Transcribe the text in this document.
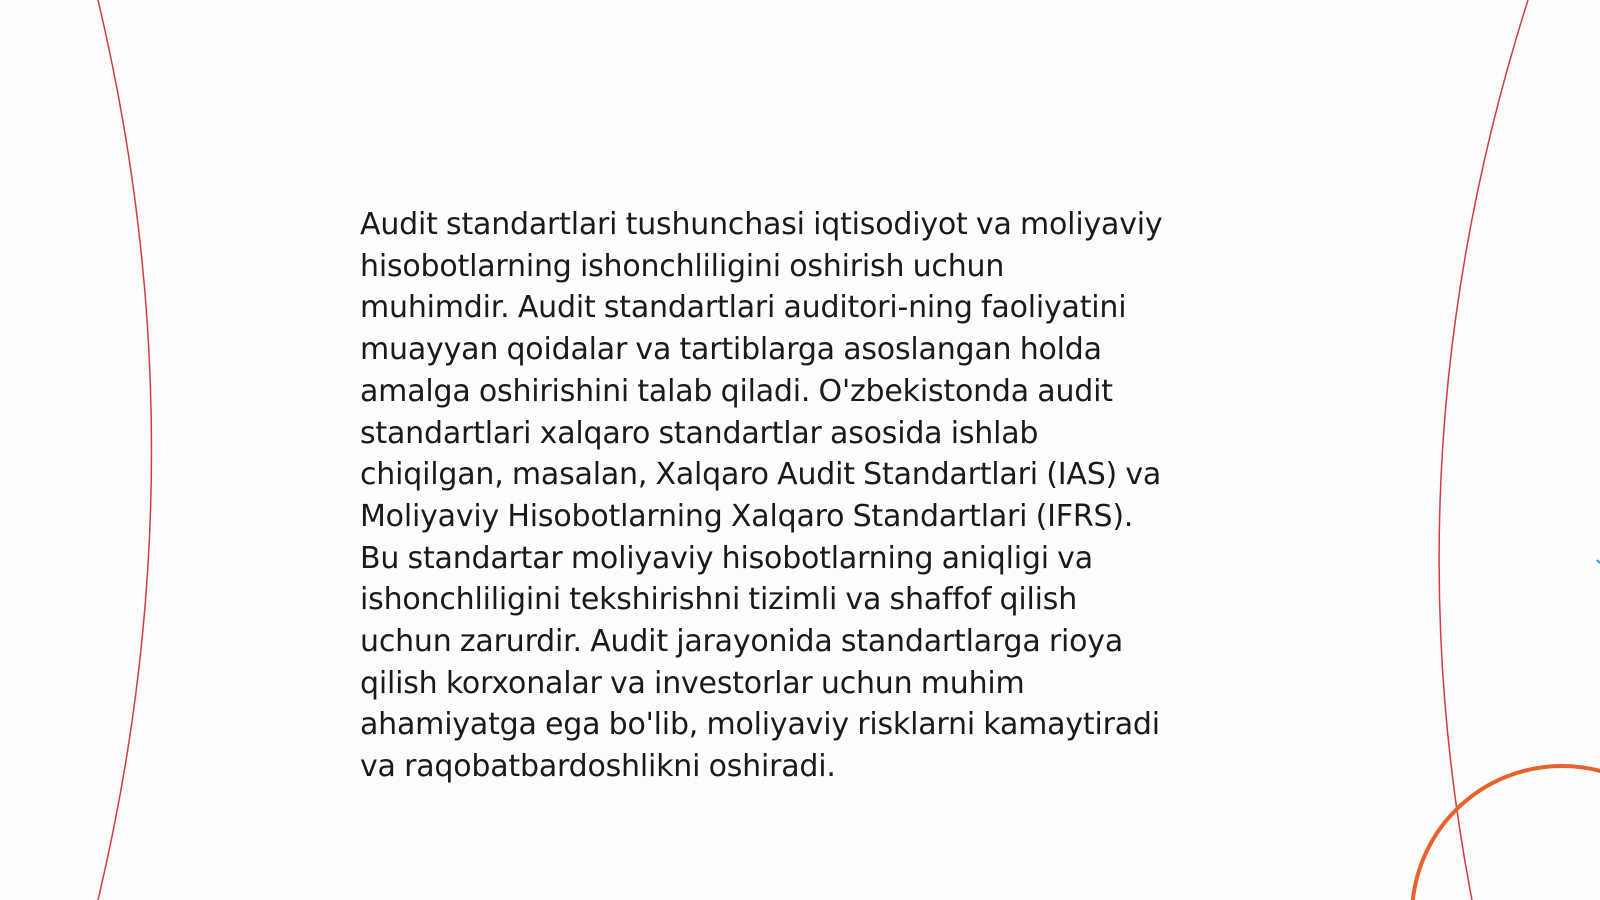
Audit standartlari tushunchasi iqtisodiyot va moliyaviy
hisobotlarning ishonchliligini oshirish uchun
muhimdir. Audit standartlari auditori-ning faoliyatini
muayyan qoidalar va tartiblarga asoslangan holda
amalga oshirishini talab qiladi. O'zbekistonda audit
standartlari xalqaro standartlar asosida ishlab
chiqilgan, masalan, Xalqaro Audit Standartlari (IAS) va
Moliyaviy Hisobotlarning Xalqaro Standartlari (IFRS).
Bu standartar moliyaviy hisobotlarning aniqligi va
ishonchliligini tekshirishni tizimli va shaffof qilish
uchun zarurdir. Audit jarayonida standartlarga rioya
qilish korxonalar va investorlar uchun muhim
ahamiyatga ega bo'lib, moliyaviy risklarni kamaytiradi
va raqobatbardoshlikni oshiradi.
